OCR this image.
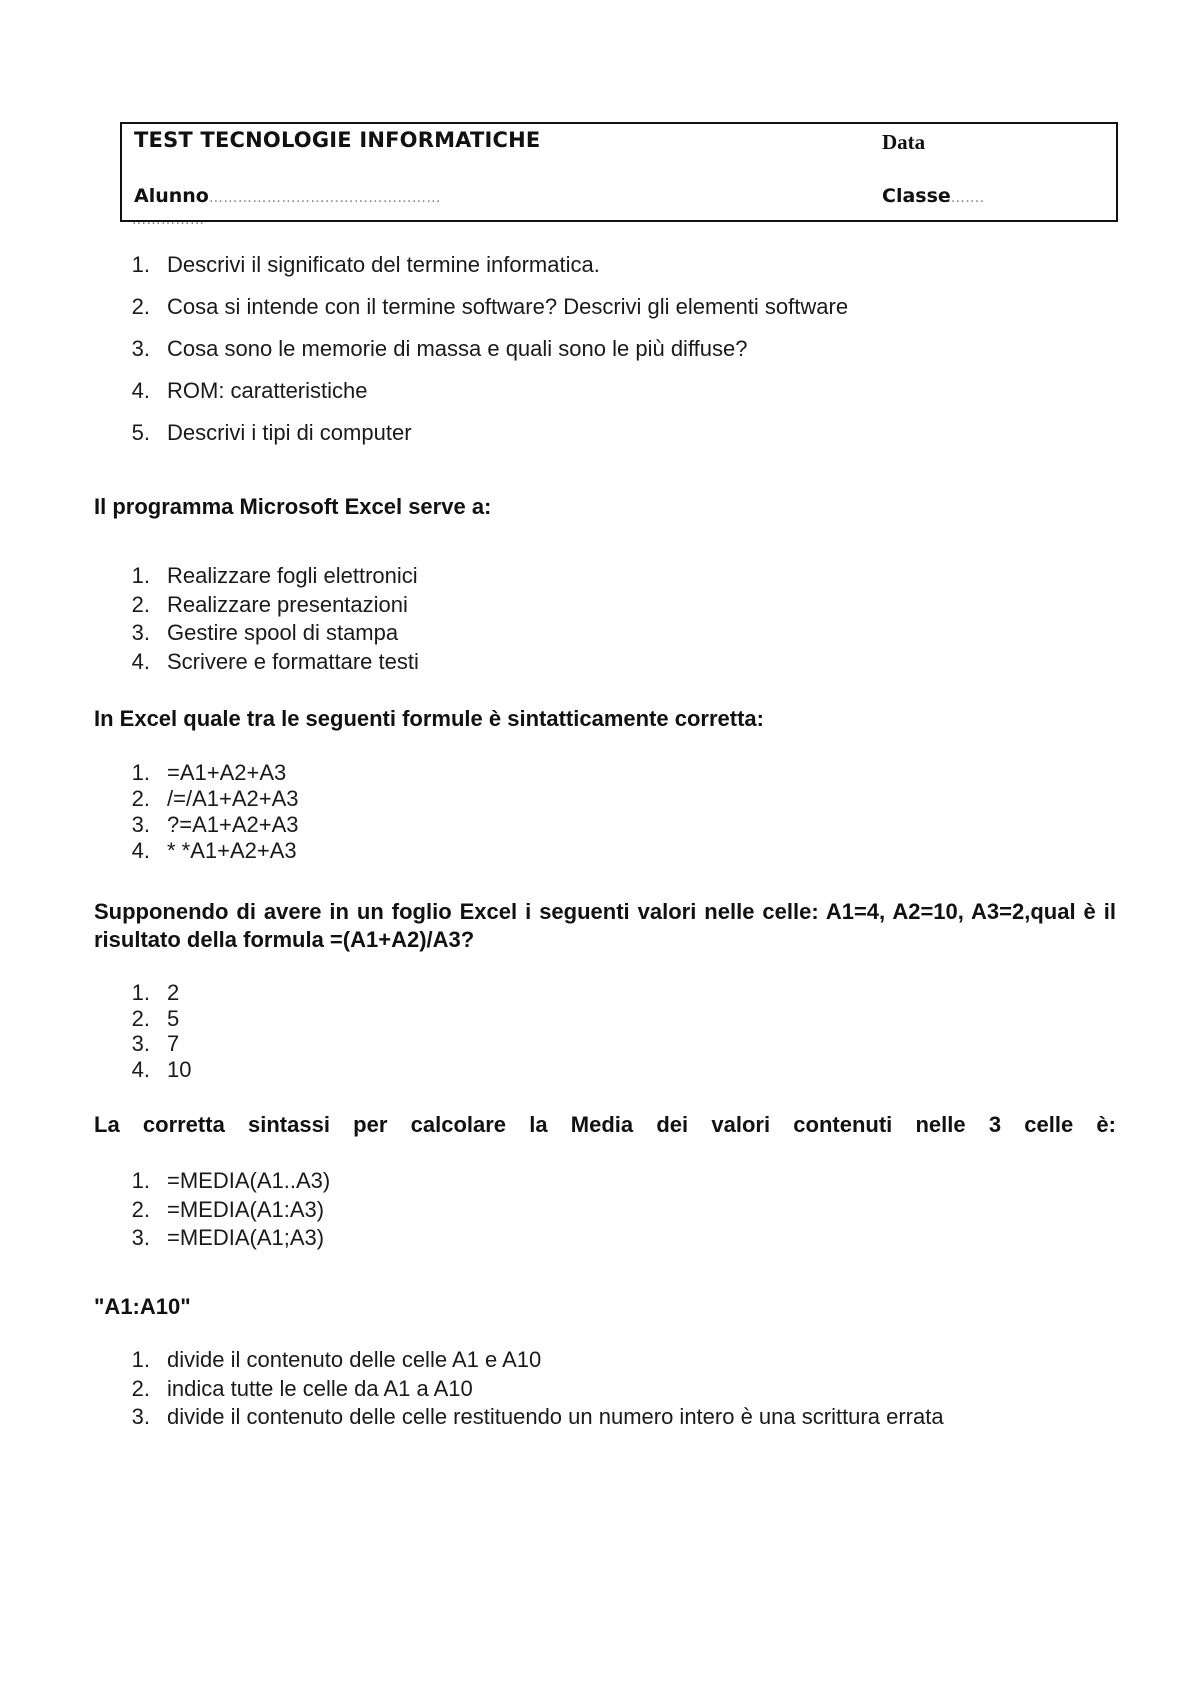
TEST TECNOLOGIE INFORMATICHE	Data
Alunno…………………………………………	Classe…….
……………
1. Descrivi il significato del termine informatica.
2. Cosa si intende con il termine software? Descrivi gli elementi software
3. Cosa sono le memorie di massa e quali sono le più diffuse?
4. ROM: caratteristiche
5. Descrivi i tipi di computer
Il programma Microsoft Excel serve a:
1. Realizzare fogli elettronici
2. Realizzare presentazioni
3. Gestire spool di stampa
4. Scrivere e formattare testi
In Excel quale tra le seguenti formule è sintatticamente corretta:
1. =A1+A2+A3
2. /=/A1+A2+A3
3. ?=A1+A2+A3
4. * *A1+A2+A3
Supponendo di avere in un foglio Excel i seguenti valori nelle celle: A1=4, A2=10, A3=2,qual è il risultato della formula =(A1+A2)/A3?
1. 2
2. 5
3. 7
4. 10
La corretta sintassi per calcolare la Media dei valori contenuti nelle 3 celle è:
1. =MEDIA(A1..A3)
2. =MEDIA(A1:A3)
3. =MEDIA(A1;A3)
"A1:A10"
1. divide il contenuto delle celle A1 e A10
2. indica tutte le celle da A1 a A10
3. divide il contenuto delle celle restituendo un numero intero è una scrittura errata
